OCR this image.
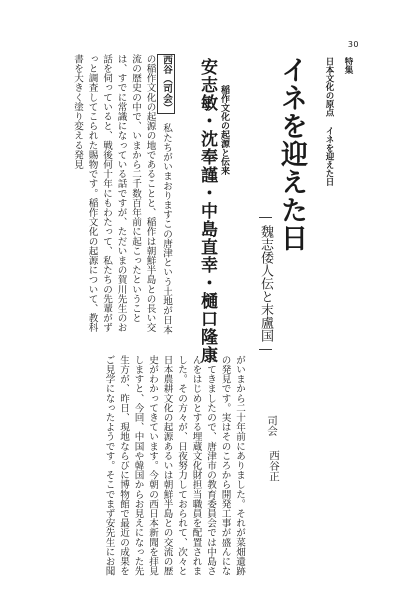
30
特集
日本文化の原点 イネを迎えた日
イネを迎えた日
―魏志倭人伝と末盧国―
稲作文化の起源と伝来
安志敏・沈奉謹・中島直幸・樋口隆康
司会
西谷正
西谷（司会）　私たちがいまおりますこの唐津という土地が日本の稲作文化の起源の地であることと、稲作は朝鮮半島との長い交流の歴史の中で、いまから二千数百年前に起こったということは、すでに常識になっている話ですが、ただいまの賀川先生のお話を伺っていると、戦後何十年にもわたって、私たちの先輩がずっと調査してこられた賜物です。稲作文化の起源について、教科書を大きく塗り変える発見
がいまから二十年前にありました。それが菜畑遺跡の発見です。実はそのころから開発工事が盛んになってきましたので、唐津市の教育委員会では中島さんをはじめとする埋蔵文化財担当職員を配置されました。その方々が、日夜努力しておられて、次々と日本農耕文化の起源あるいは朝鮮半島との交流の歴史がわかってきています。今朝の西日本新聞を拝見しますと、今回、中国や韓国からお見えになった先生方が、昨日、現地ならびに博物館で最近の成果をご見学になったようです。そこでまず安先生にお聞
